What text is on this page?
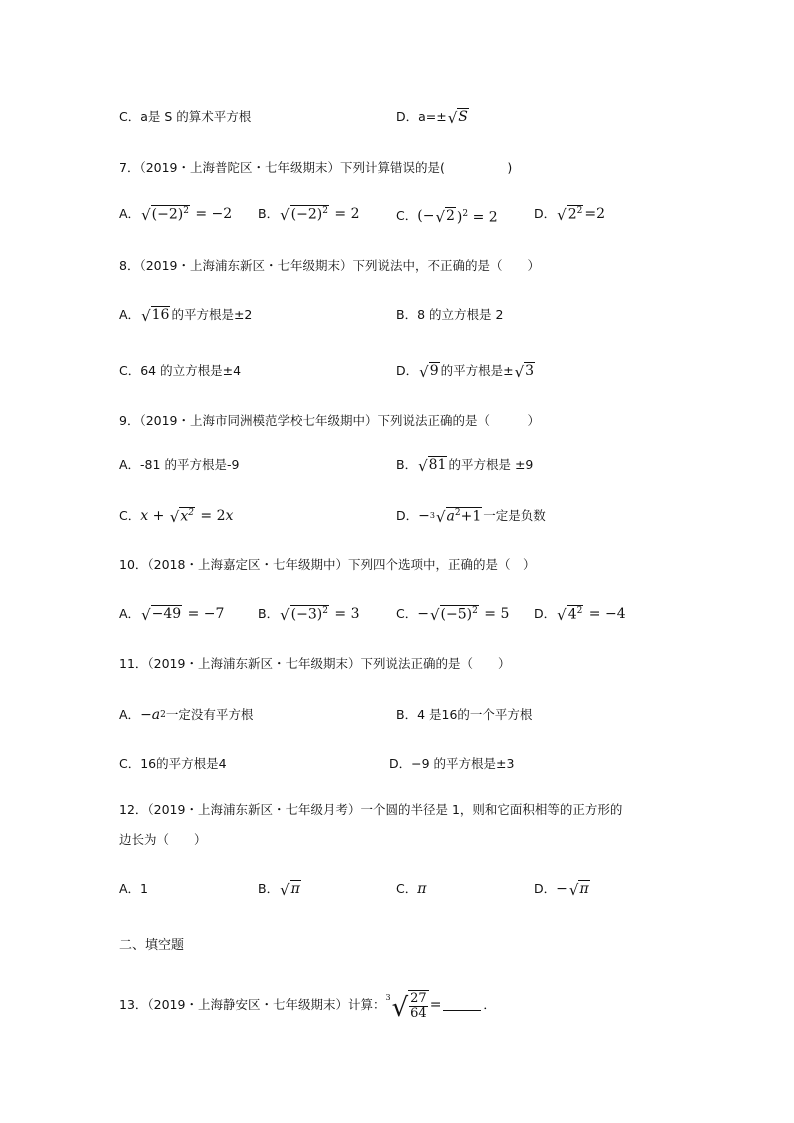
C．a是 S 的算术平方根	D．a=± √ S
7．（2019・上海普陀区・七年级期末）下列计算错误的是(　　　　　)
A． √ $(-2)^2 = -2$ B． √ $(-2)^2 = 2$	C． (− √ 2 )$^2$ = 2	D． √ $2^2 =2$
8．（2019・上海浦东新区・七年级期末）下列说法中，不正确的是（　　）
A． √ 16 的平方根是±2	B．8 的立方根是 2
C．64 的立方根是±4	D． √ 9 的平方根是± √ 3
9．（2019・上海市同洲模范学校七年级期中）下列说法正确的是（　　　）
A．-81 的平方根是-9	B． √ 81 的平方根是 ±9
C． x + √ $x^2 = 2$ x	D． − 3 √ $a^2+1$ 一定是负数
10．（2018・上海嘉定区・七年级期中）下列四个选项中，正确的是（　）
A． √ −49 = −7	B． √ $(-3)^2 = 3$	C． − √ $(-5)^2 = 5$ D． √ $4^2 = -4$
11．（2019・上海浦东新区・七年级期末）下列说法正确的是（　　）
A． − a 2 一定没有平方根	B．4 是16的一个平方根
C．16的平方根是4	D．−9 的平方根是±3
12．（2019・上海浦东新区・七年级月考）一个圆的半径是 1，则和它面积相等的正方形的
边长为（　　）
A．1	B． √ π	C． π	D． − √ π
二、填空题
13．（2019・上海静安区・七年级期末）计算： 3 √ $\frac{27}{64}$ =	．
